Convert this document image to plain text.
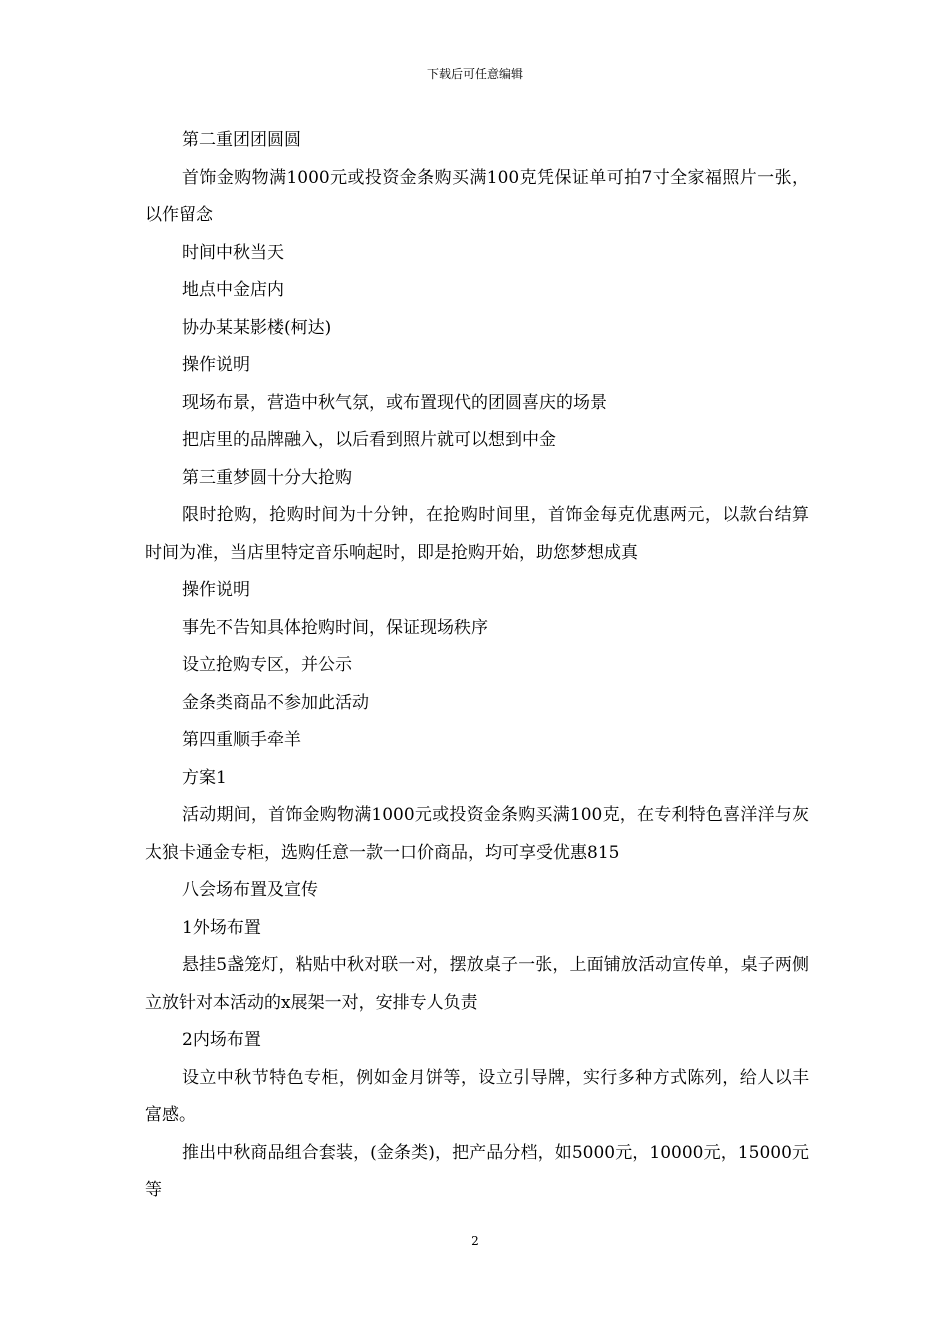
下载后可任意编辑

第二重团团圆圆

首饰金购物满1000元或投资金条购买满100克凭保证单可拍7寸全家福照片一张，以作留念

时间中秋当天

地点中金店内

协办某某影楼(柯达)

操作说明

现场布景，营造中秋气氛，或布置现代的团圆喜庆的场景

把店里的品牌融入，以后看到照片就可以想到中金

第三重梦圆十分大抢购

限时抢购，抢购时间为十分钟，在抢购时间里，首饰金每克优惠两元，以款台结算时间为准，当店里特定音乐响起时，即是抢购开始，助您梦想成真

操作说明

事先不告知具体抢购时间，保证现场秩序

设立抢购专区，并公示

金条类商品不参加此活动

第四重顺手牵羊

方案1

活动期间，首饰金购物满1000元或投资金条购买满100克，在专利特色喜洋洋与灰太狼卡通金专柜，选购任意一款一口价商品，均可享受优惠815

八会场布置及宣传

1外场布置

悬挂5盏笼灯，粘贴中秋对联一对，摆放桌子一张，上面铺放活动宣传单，桌子两侧立放针对本活动的x展架一对，安排专人负责

2内场布置

设立中秋节特色专柜，例如金月饼等，设立引导牌，实行多种方式陈列，给人以丰富感。

推出中秋商品组合套装，(金条类)，把产品分档，如5000元，10000元，15000元等

2
